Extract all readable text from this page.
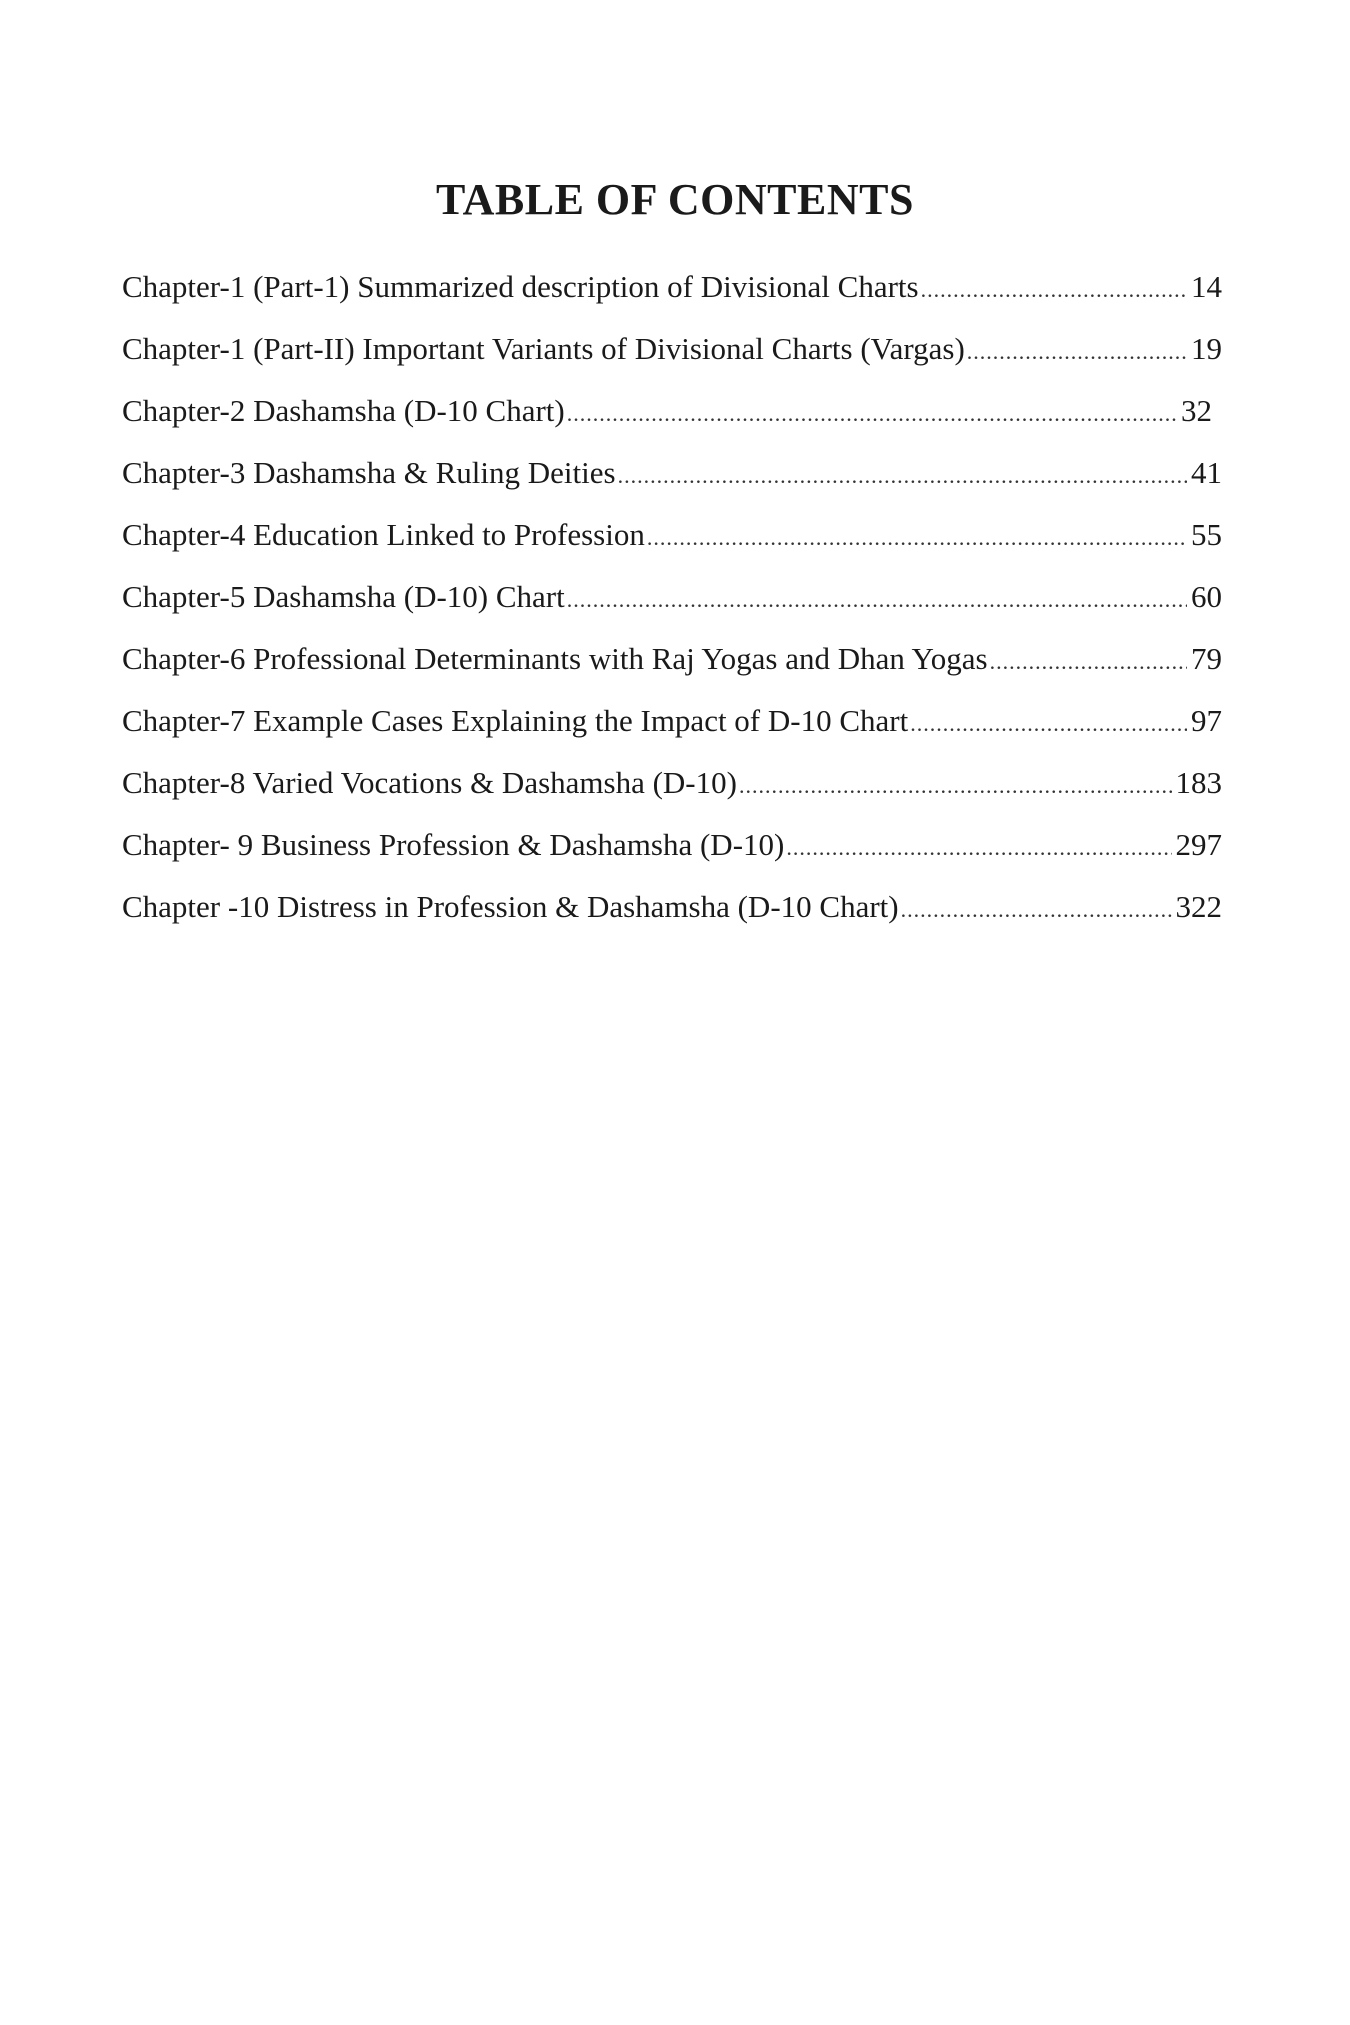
TABLE OF CONTENTS
Chapter-1 (Part-1) Summarized description of Divisional Charts .....	14
Chapter-1 (Part-II) Important Variants of Divisional Charts (Vargas) .....	19
Chapter-2 Dashamsha (D-10 Chart) .....	32
Chapter-3 Dashamsha & Ruling Deities .....	41
Chapter-4 Education Linked to Profession .....	55
Chapter-5 Dashamsha (D-10) Chart .....	60
Chapter-6 Professional Determinants with Raj Yogas and Dhan Yogas .....	79
Chapter-7 Example Cases Explaining the Impact of D-10 Chart .....	97
Chapter-8 Varied Vocations & Dashamsha (D-10) .....	183
Chapter- 9 Business Profession & Dashamsha (D-10) .....	297
Chapter -10 Distress in Profession & Dashamsha (D-10 Chart) .....	322
